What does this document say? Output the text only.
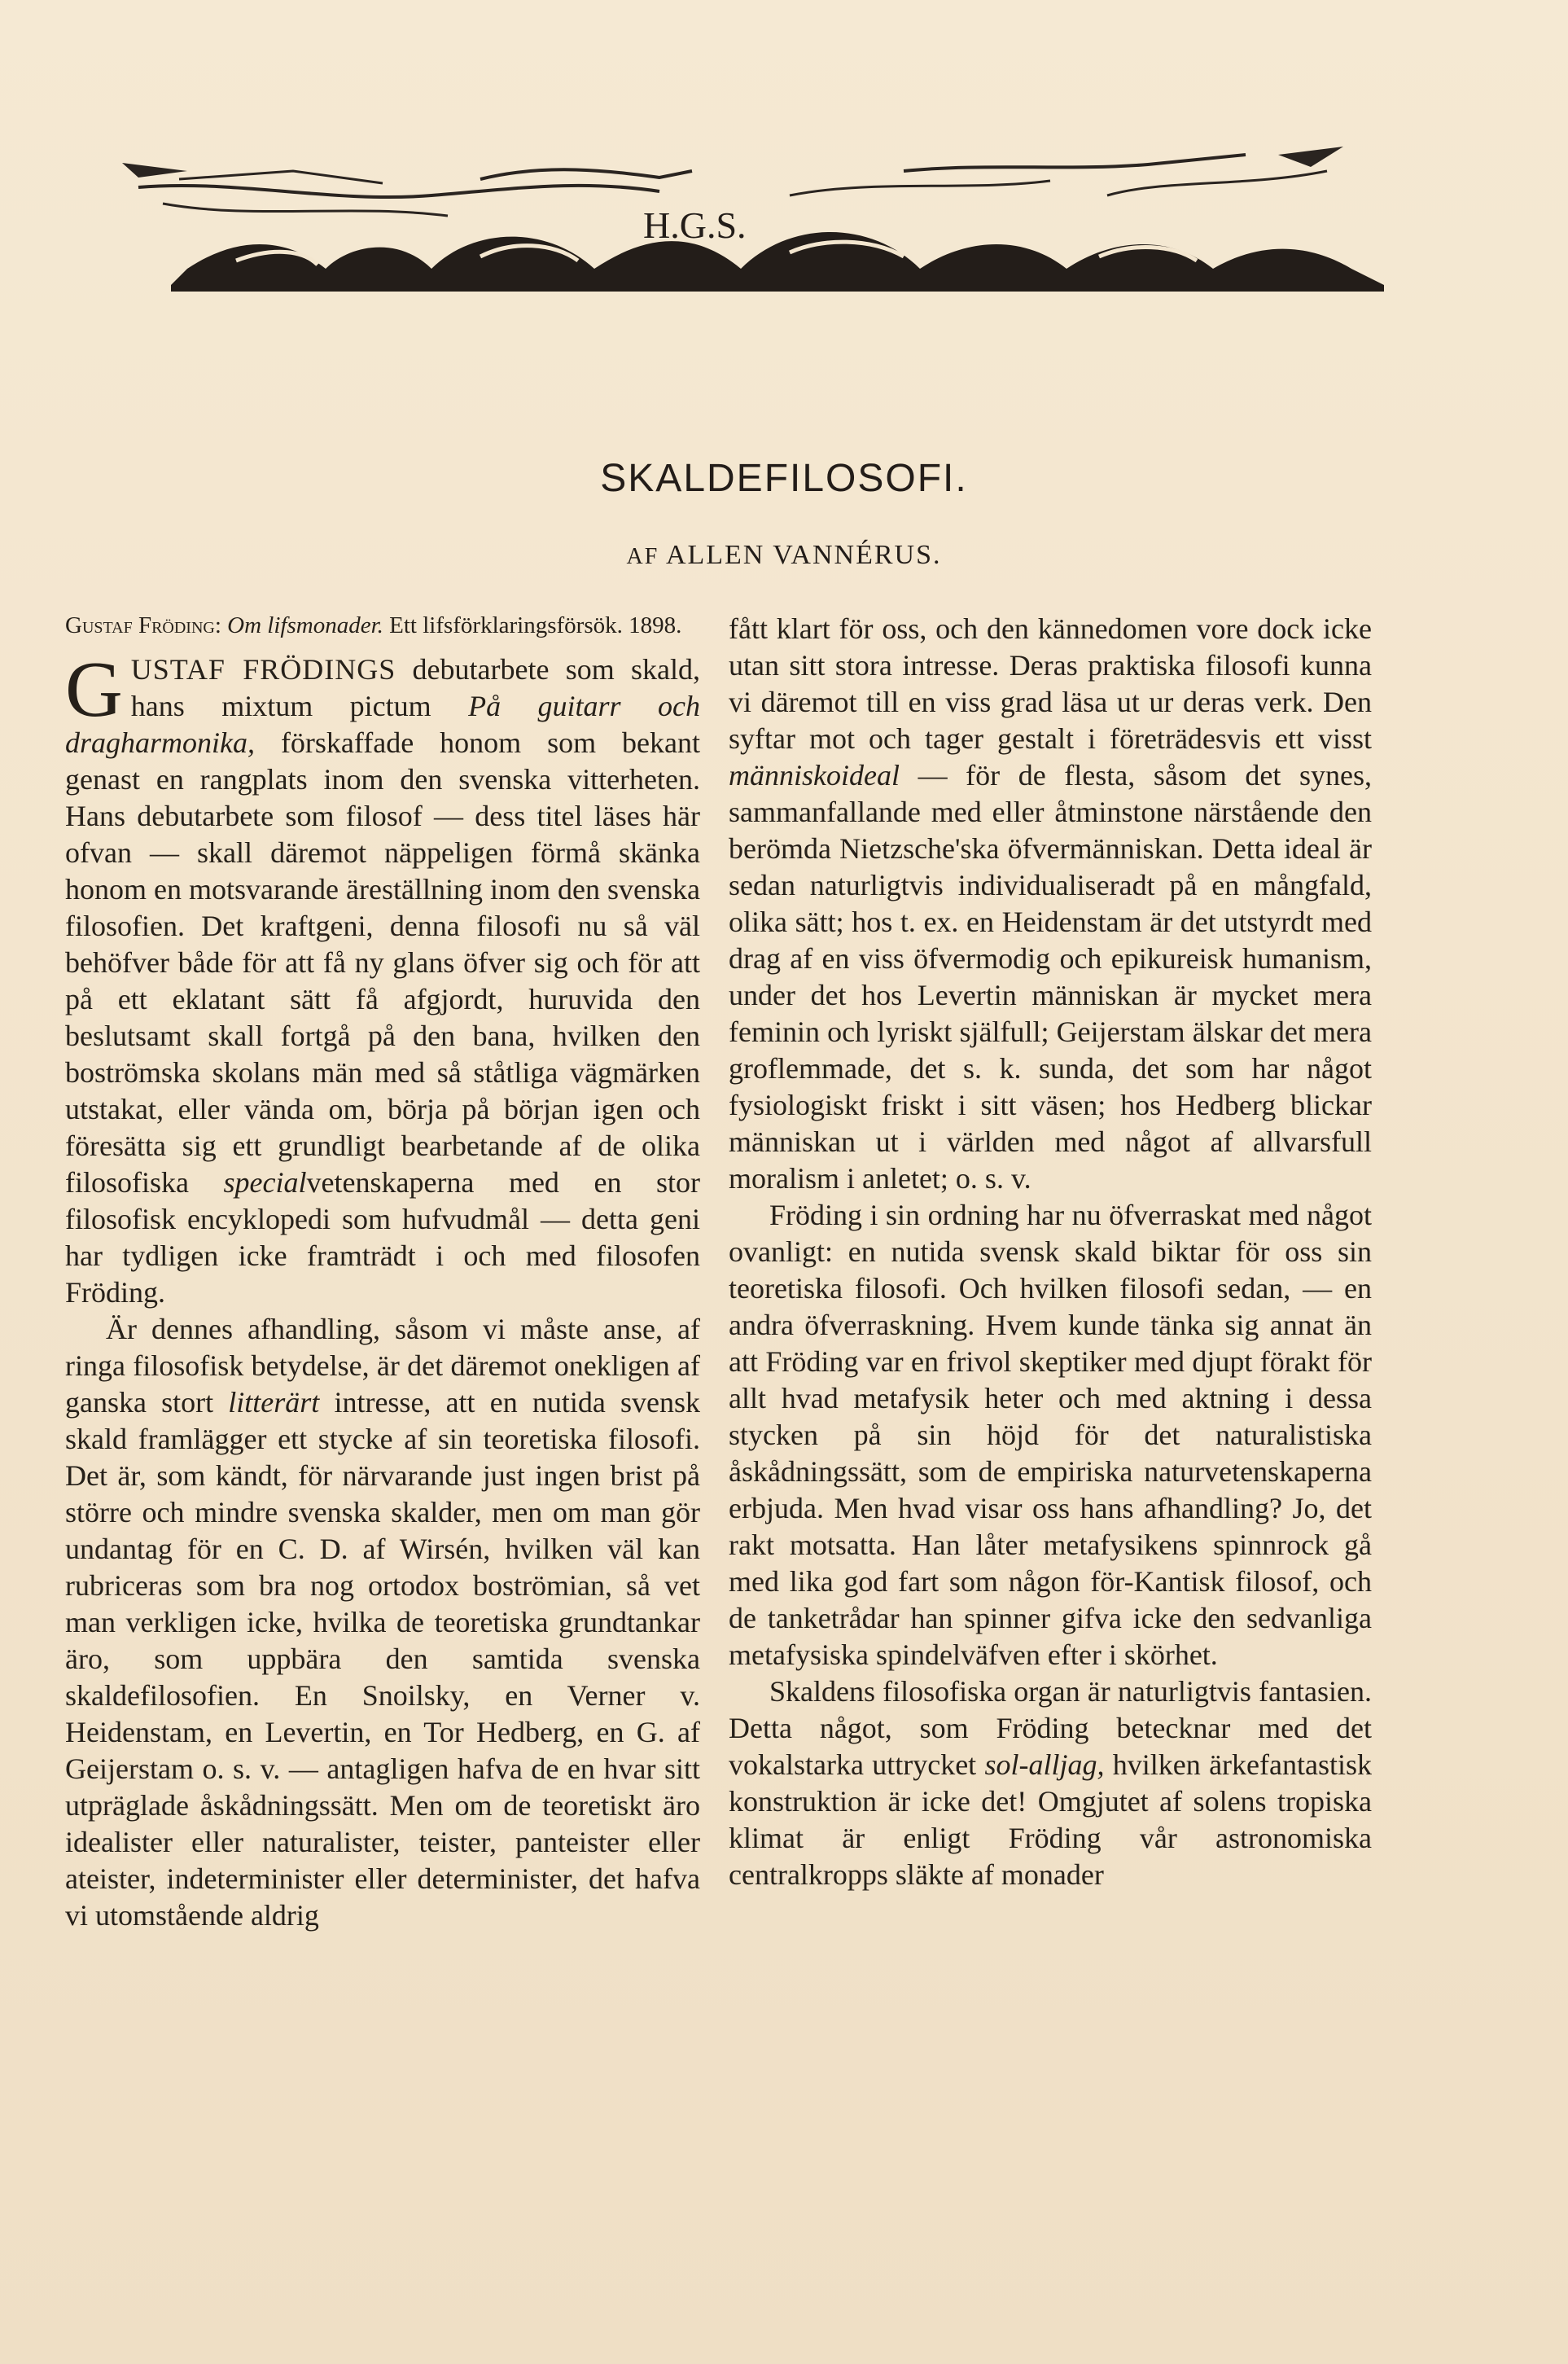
H.G.S.
SKALDEFILOSOFI.
AF ALLEN VANNÉRUS.

Gustaf Fröding: Om lifsmonader. Ett lifsförklaringsförsök. 1898.

GUSTAF FRÖDINGS debutarbete som skald, hans mixtum pictum På guitarr och dragharmonika, förskaffade honom som bekant genast en rangplats inom den svenska vitterheten. Hans debutarbete som filosof — dess titel läses här ofvan — skall däremot näppeligen förmå skänka honom en motsvarande äreställning inom den svenska filosofien. Det kraftgeni, denna filosofi nu så väl behöfver både för att få ny glans öfver sig och för att på ett eklatant sätt få afgjordt, huruvida den beslutsamt skall fortgå på den bana, hvilken den boströmska skolans män med så ståtliga vägmärken utstakat, eller vända om, börja på början igen och föresätta sig ett grundligt bearbetande af de olika filosofiska specialvetenskaperna med en stor filosofisk encyklopedi som hufvudmål — detta geni har tydligen icke framträdt i och med filosofen Fröding.

Är dennes afhandling, såsom vi måste anse, af ringa filosofisk betydelse, är det däremot onekligen af ganska stort litterärt intresse, att en nutida svensk skald framlägger ett stycke af sin teoretiska filosofi. Det är, som kändt, för närvarande just ingen brist på större och mindre svenska skalder, men om man gör undantag för en C. D. af Wirsén, hvilken väl kan rubriceras som bra nog ortodox boströmian, så vet man verkligen icke, hvilka de teoretiska grundtankar äro, som uppbära den samtida svenska skaldefilosofien. En Snoilsky, en Verner v. Heidenstam, en Levertin, en Tor Hedberg, en G. af Geijerstam o. s. v. — antagligen hafva de en hvar sitt utpräglade åskådningssätt. Men om de teoretiskt äro idealister eller naturalister, teister, panteister eller ateister, indeterminister eller determinister, det hafva vi utomstående aldrig

fått klart för oss, och den kännedomen vore dock icke utan sitt stora intresse. Deras praktiska filosofi kunna vi däremot till en viss grad läsa ut ur deras verk. Den syftar mot och tager gestalt i företrädesvis ett visst människoideal — för de flesta, såsom det synes, sammanfallande med eller åtminstone närstående den berömda Nietzsche'ska öfvermänniskan. Detta ideal är sedan naturligtvis individualiseradt på en mångfald, olika sätt; hos t. ex. en Heidenstam är det utstyrdt med drag af en viss öfvermodig och epikureisk humanism, under det hos Levertin människan är mycket mera feminin och lyriskt själfull; Geijerstam älskar det mera groflemmade, det s. k. sunda, det som har något fysiologiskt friskt i sitt väsen; hos Hedberg blickar människan ut i världen med något af allvarsfull moralism i anletet; o. s. v.

Fröding i sin ordning har nu öfverraskat med något ovanligt: en nutida svensk skald biktar för oss sin teoretiska filosofi. Och hvilken filosofi sedan, — en andra öfverraskning. Hvem kunde tänka sig annat än att Fröding var en frivol skeptiker med djupt förakt för allt hvad metafysik heter och med aktning i dessa stycken på sin höjd för det naturalistiska åskådningssätt, som de empiriska naturvetenskaperna erbjuda. Men hvad visar oss hans afhandling? Jo, det rakt motsatta. Han låter metafysikens spinnrock gå med lika god fart som någon för-Kantisk filosof, och de tanketrådar han spinner gifva icke den sedvanliga metafysiska spindelväfven efter i skörhet.

Skaldens filosofiska organ är naturligtvis fantasien. Detta något, som Fröding betecknar med det vokalstarka uttrycket sol-alljag, hvilken ärkefantastisk konstruktion är icke det! Omgjutet af solens tropiska klimat är enligt Fröding vår astronomiska centralkropps släkte af monader
